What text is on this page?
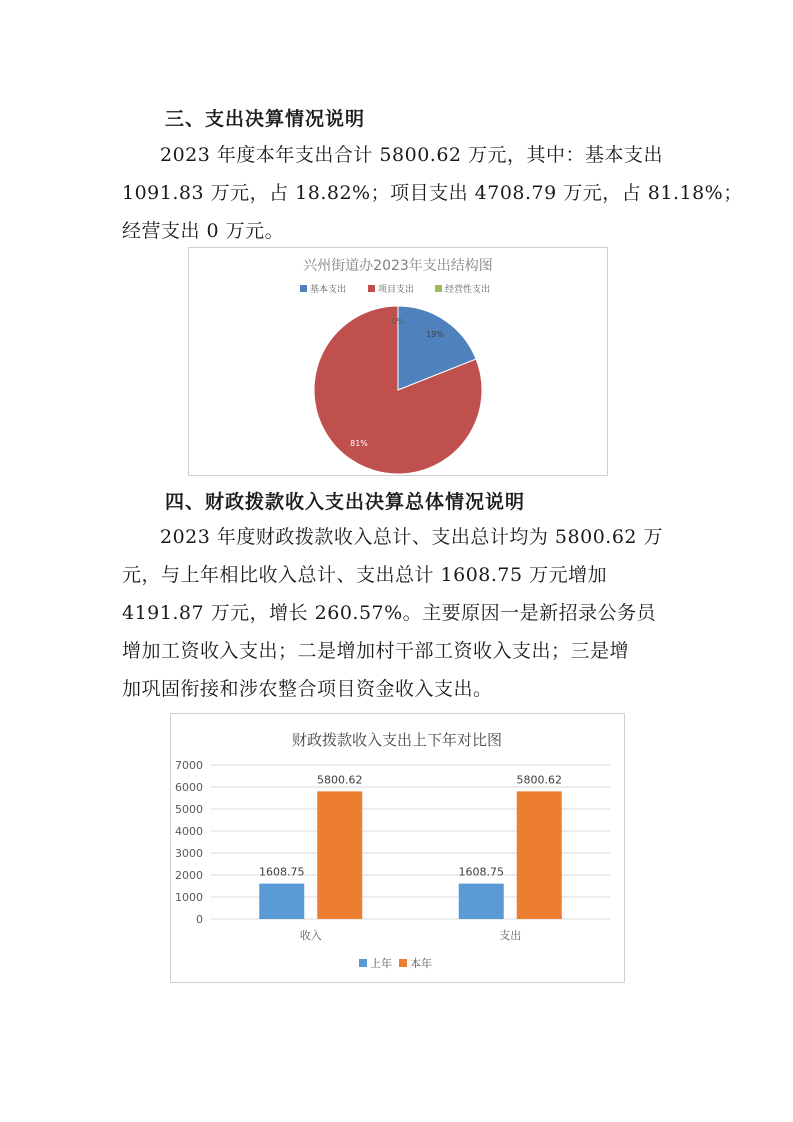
三、支出决算情况说明
2023 年度本年支出合计 5800.62 万元，其中：基本支出
1091.83 万元，占 18.82%；项目支出 4708.79 万元，占 81.18%；
经营支出 0 万元。
兴州街道办2023年支出结构图
基本支出	项目支出	经营性支出
0%
19%
81%
四、财政拨款收入支出决算总体情况说明
2023 年度财政拨款收入总计、支出总计均为 5800.62 万
元，与上年相比收入总计、支出总计 1608.75 万元增加
4191.87 万元，增长 260.57%。主要原因一是新招录公务员
增加工资收入支出；二是增加村干部工资收入支出；三是增
加巩固衔接和涉农整合项目资金收入支出。
财政拨款收入支出上下年对比图
0
1000
2000
3000
4000
5000
6000
7000
1608.75
5800.62
1608.75
5800.62
收入	支出
上年 本年
